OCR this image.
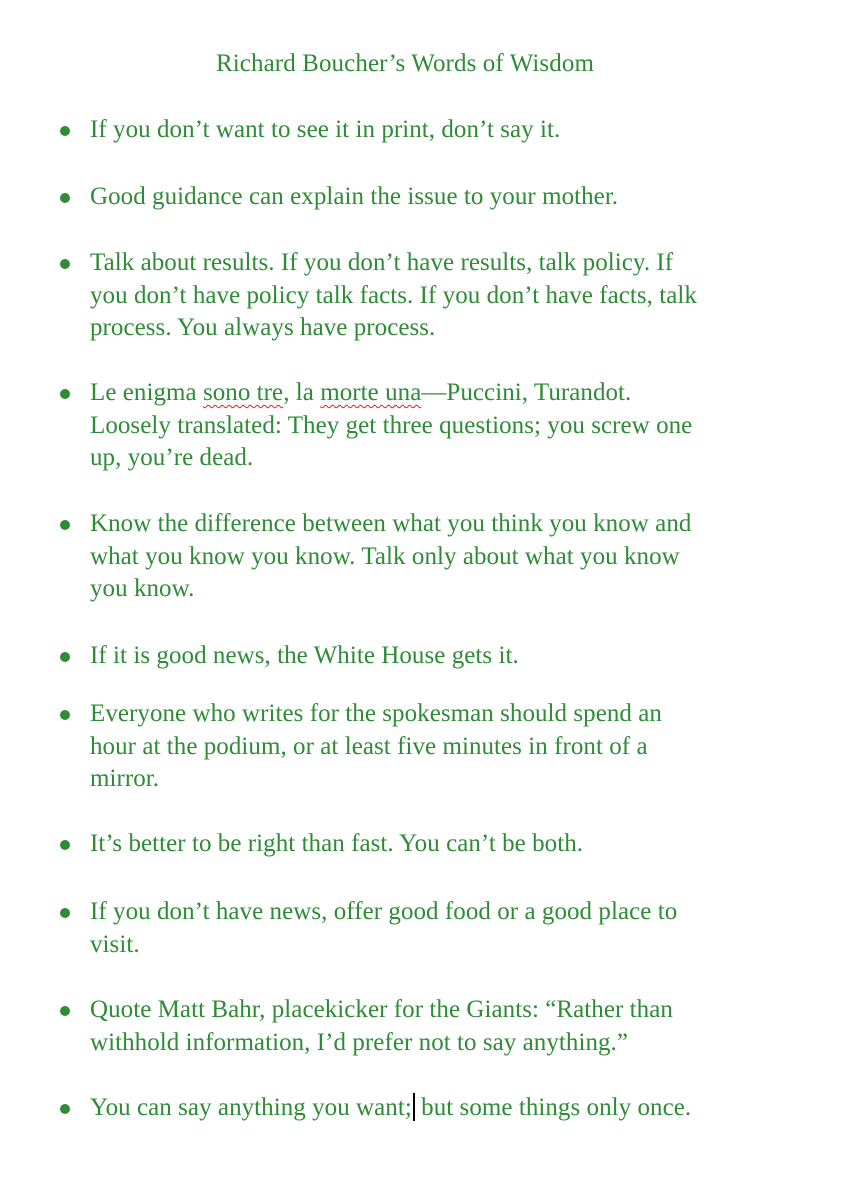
Richard Boucher’s Words of Wisdom
If you don’t want to see it in print, don’t say it.
Good guidance can explain the issue to your mother.
Talk about results. If you don’t have results, talk policy. If
you don’t have policy talk facts. If you don’t have facts, talk
process. You always have process.
Le enigma sono tre, la morte una—Puccini, Turandot.
Loosely translated: They get three questions; you screw one
up, you’re dead.
Know the difference between what you think you know and
what you know you know. Talk only about what you know
you know.
If it is good news, the White House gets it.
Everyone who writes for the spokesman should spend an
hour at the podium, or at least five minutes in front of a
mirror.
It’s better to be right than fast. You can’t be both.
If you don’t have news, offer good food or a good place to
visit.
Quote Matt Bahr, placekicker for the Giants: “Rather than
withhold information, I’d prefer not to say anything.”
You can say anything you want; but some things only once.
